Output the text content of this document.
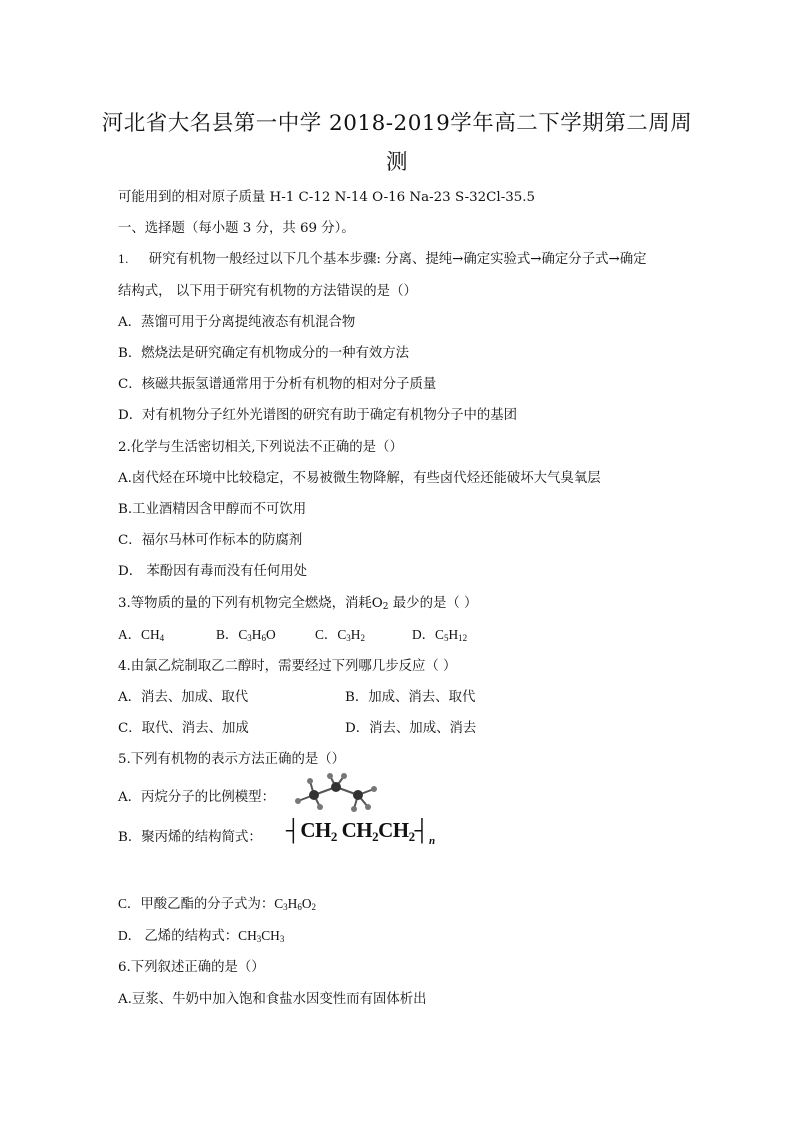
河北省大名县第一中学 2018-2019学年高二下学期第二周周
测
可能用到的相对原子质量 H-1 C-12 N-14 O-16 Na-23 S-32Cl-35.5
一、选择题（每小题 3 分，共 69 分）。
1. 研究有机物一般经过以下几个基本步骤: 分离、提纯→确定实验式→确定分子式→确定
结构式， 以下用于研究有机物的方法错误的是（）
A．蒸馏可用于分离提纯液态有机混合物
B．燃烧法是研究确定有机物成分的一种有效方法
C．核磁共振氢谱通常用于分析有机物的相对分子质量
D．对有机物分子红外光谱图的研究有助于确定有机物分子中的基团
2.化学与生活密切相关,下列说法不正确的是（）
A.卤代烃在环境中比较稳定，不易被微生物降解，有些卤代烃还能破坏大气臭氧层
B.工业酒精因含甲醇而不可饮用
C．福尔马林可作标本的防腐剂
D． 苯酚因有毒而没有任何用处
3.等物质的量的下列有机物完全燃烧，消耗$O_2$ 最少的是（ ）
A．$CH_4$	B．$C_3H_6O$	C．$C_3H_2$	D．$C_5H_{12}$
4.由氯乙烷制取乙二醇时，需要经过下列哪几步反应（ ）
A．消去、加成、取代	B．加成、消去、取代
C．取代、消去、加成	D．消去、加成、消去
5.下列有机物的表示方法正确的是（）
A．丙烷分子的比例模型：
B．聚丙烯的结构简式： $┤CH_2$ $CH_2CH_2┤_n$
C．甲酸乙酯的分子式为：$C_3H_6O_2$
D． 乙烯的结构式：$CH_3CH_3$
6.下列叙述正确的是（）
A.豆浆、牛奶中加入饱和食盐水因变性而有固体析出
